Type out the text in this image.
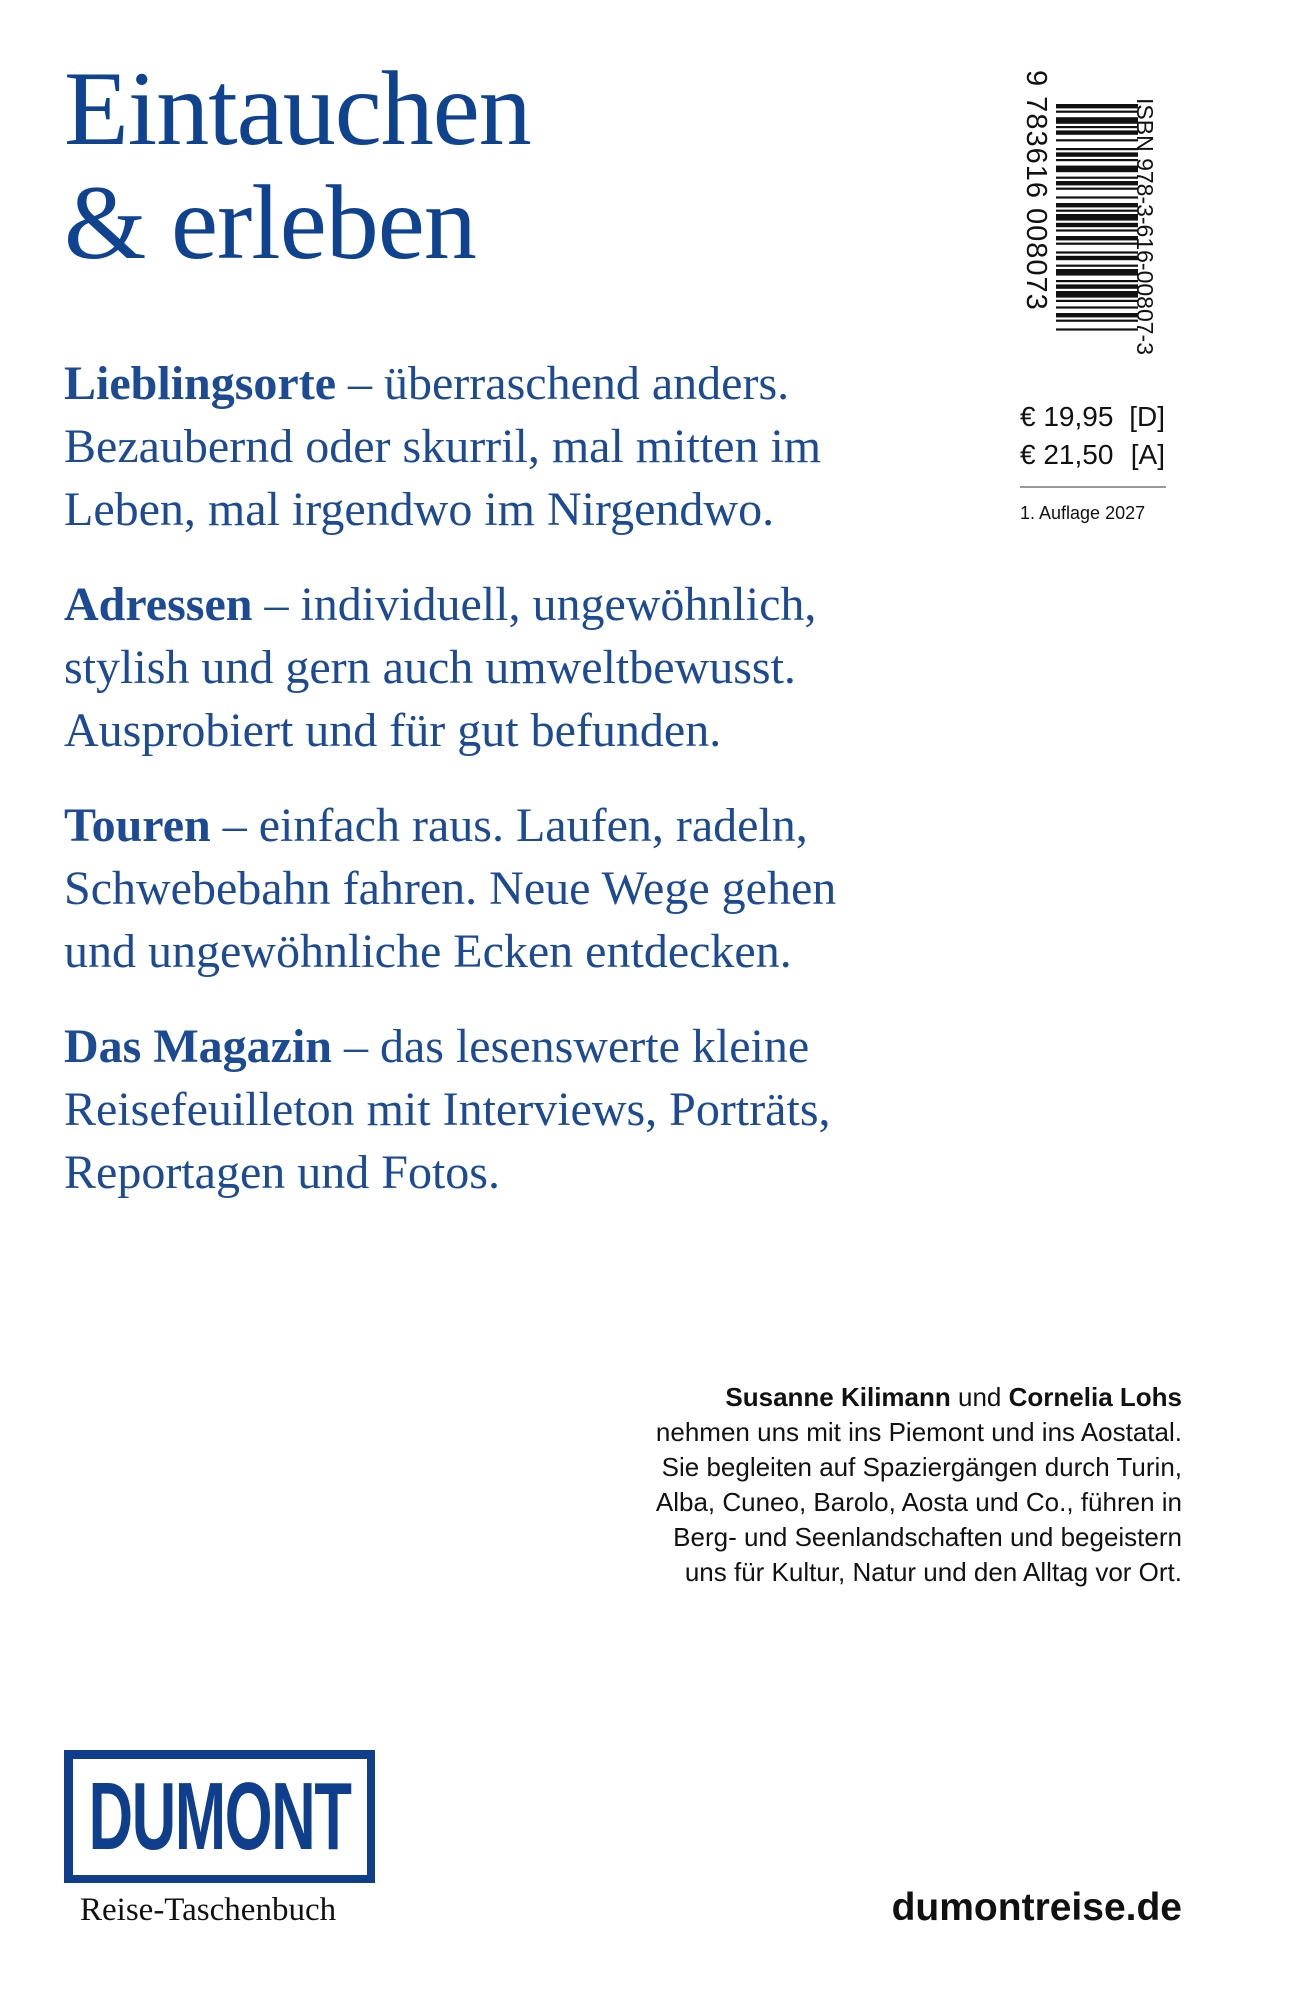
Eintauchen
& erleben
Lieblingsorte – überraschend anders.
Bezaubernd oder skurril, mal mitten im
Leben, mal irgendwo im Nirgendwo.
Adressen – individuell, ungewöhnlich,
stylish und gern auch umweltbewusst.
Ausprobiert und für gut befunden.
Touren – einfach raus. Laufen, radeln,
Schwebebahn fahren. Neue Wege gehen
und ungewöhnliche Ecken entdecken.
Das Magazin – das lesenswerte kleine
Reisefeuilleton mit Interviews, Porträts,
Reportagen und Fotos.
9 783616 008073	ISBN 978-3-616-00807-3
€ 19,95 [D]
€ 21,50 [A]
1. Auflage 2027
Susanne Kilimann und Cornelia Lohs
nehmen uns mit ins Piemont und ins Aostatal.
Sie begleiten auf Spaziergängen durch Turin,
Alba, Cuneo, Barolo, Aosta und Co., führen in
Berg- und Seenlandschaften und begeistern
uns für Kultur, Natur und den Alltag vor Ort.
DUMONT
Reise-Taschenbuch	dumontreise.de
